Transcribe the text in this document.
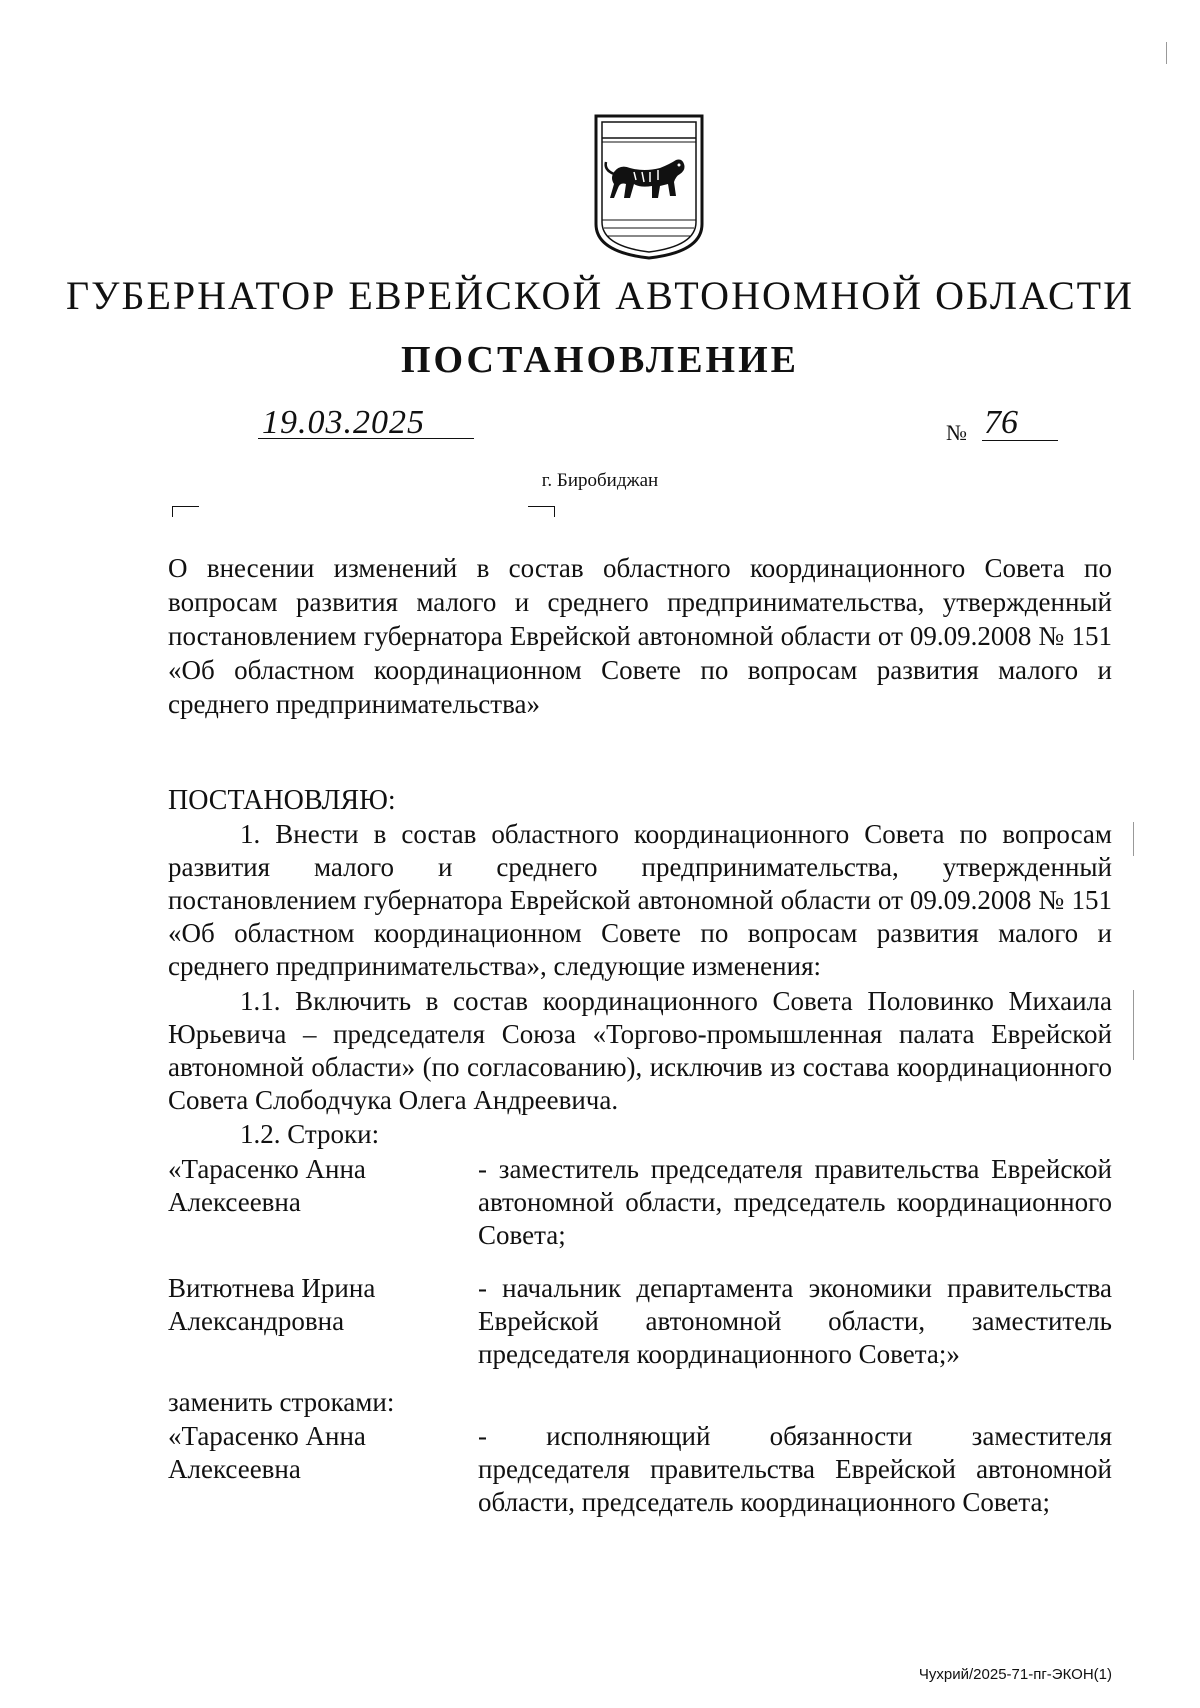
ГУБЕРНАТОР ЕВРЕЙСКОЙ АВТОНОМНОЙ ОБЛАСТИ
ПОСТАНОВЛЕНИЕ
19.03.2025	№ 76
г. Биробиджан
О внесении изменений в состав областного координационного Совета по вопросам развития малого и среднего предпринимательства, утвержденный постановлением губернатора Еврейской автономной области от 09.09.2008 № 151 «Об областном координационном Совете по вопросам развития малого и среднего предпринимательства»
ПОСТАНОВЛЯЮ:
1. Внести в состав областного координационного Совета по вопросам развития малого и среднего предпринимательства, утвержденный постановлением губернатора Еврейской автономной области от 09.09.2008 № 151 «Об областном координационном Совете по вопросам развития малого и среднего предпринимательства», следующие изменения:
1.1. Включить в состав координационного Совета Половинко Михаила Юрьевича – председателя Союза «Торгово-промышленная палата Еврейской автономной области» (по согласованию), исключив из состава координационного Совета Слободчука Олега Андреевича.
1.2. Строки:
«Тарасенко Анна Алексеевна
- заместитель председателя правительства Еврейской автономной области, председатель координационного Совета;
Витютнева Ирина Александровна
- начальник департамента экономики правительства Еврейской автономной области, заместитель председателя координационного Совета;»
заменить строками:
«Тарасенко Анна Алексеевна
- исполняющий обязанности заместителя председателя правительства Еврейской автономной области, председатель координационного Совета;
Чухрий/2025-71-пг-ЭКОН(1)
